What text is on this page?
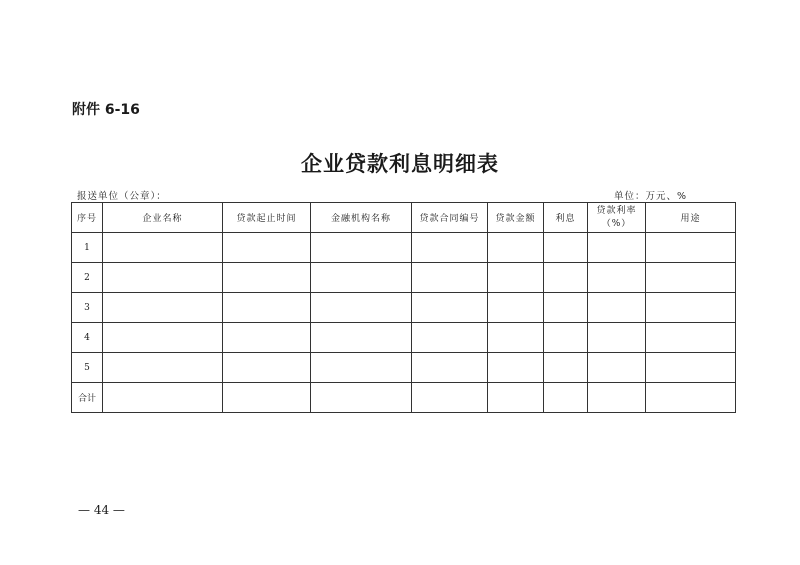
附件 6-16
企业贷款利息明细表
报送单位（公章）：	单位：万元、%
序号	企业名称	贷款起止时间	金融机构名称	贷款合同编号	贷款金额	利息	贷款利率（%）	用途
1								
2								
3								
4								
5								
合计								
— 44 —
